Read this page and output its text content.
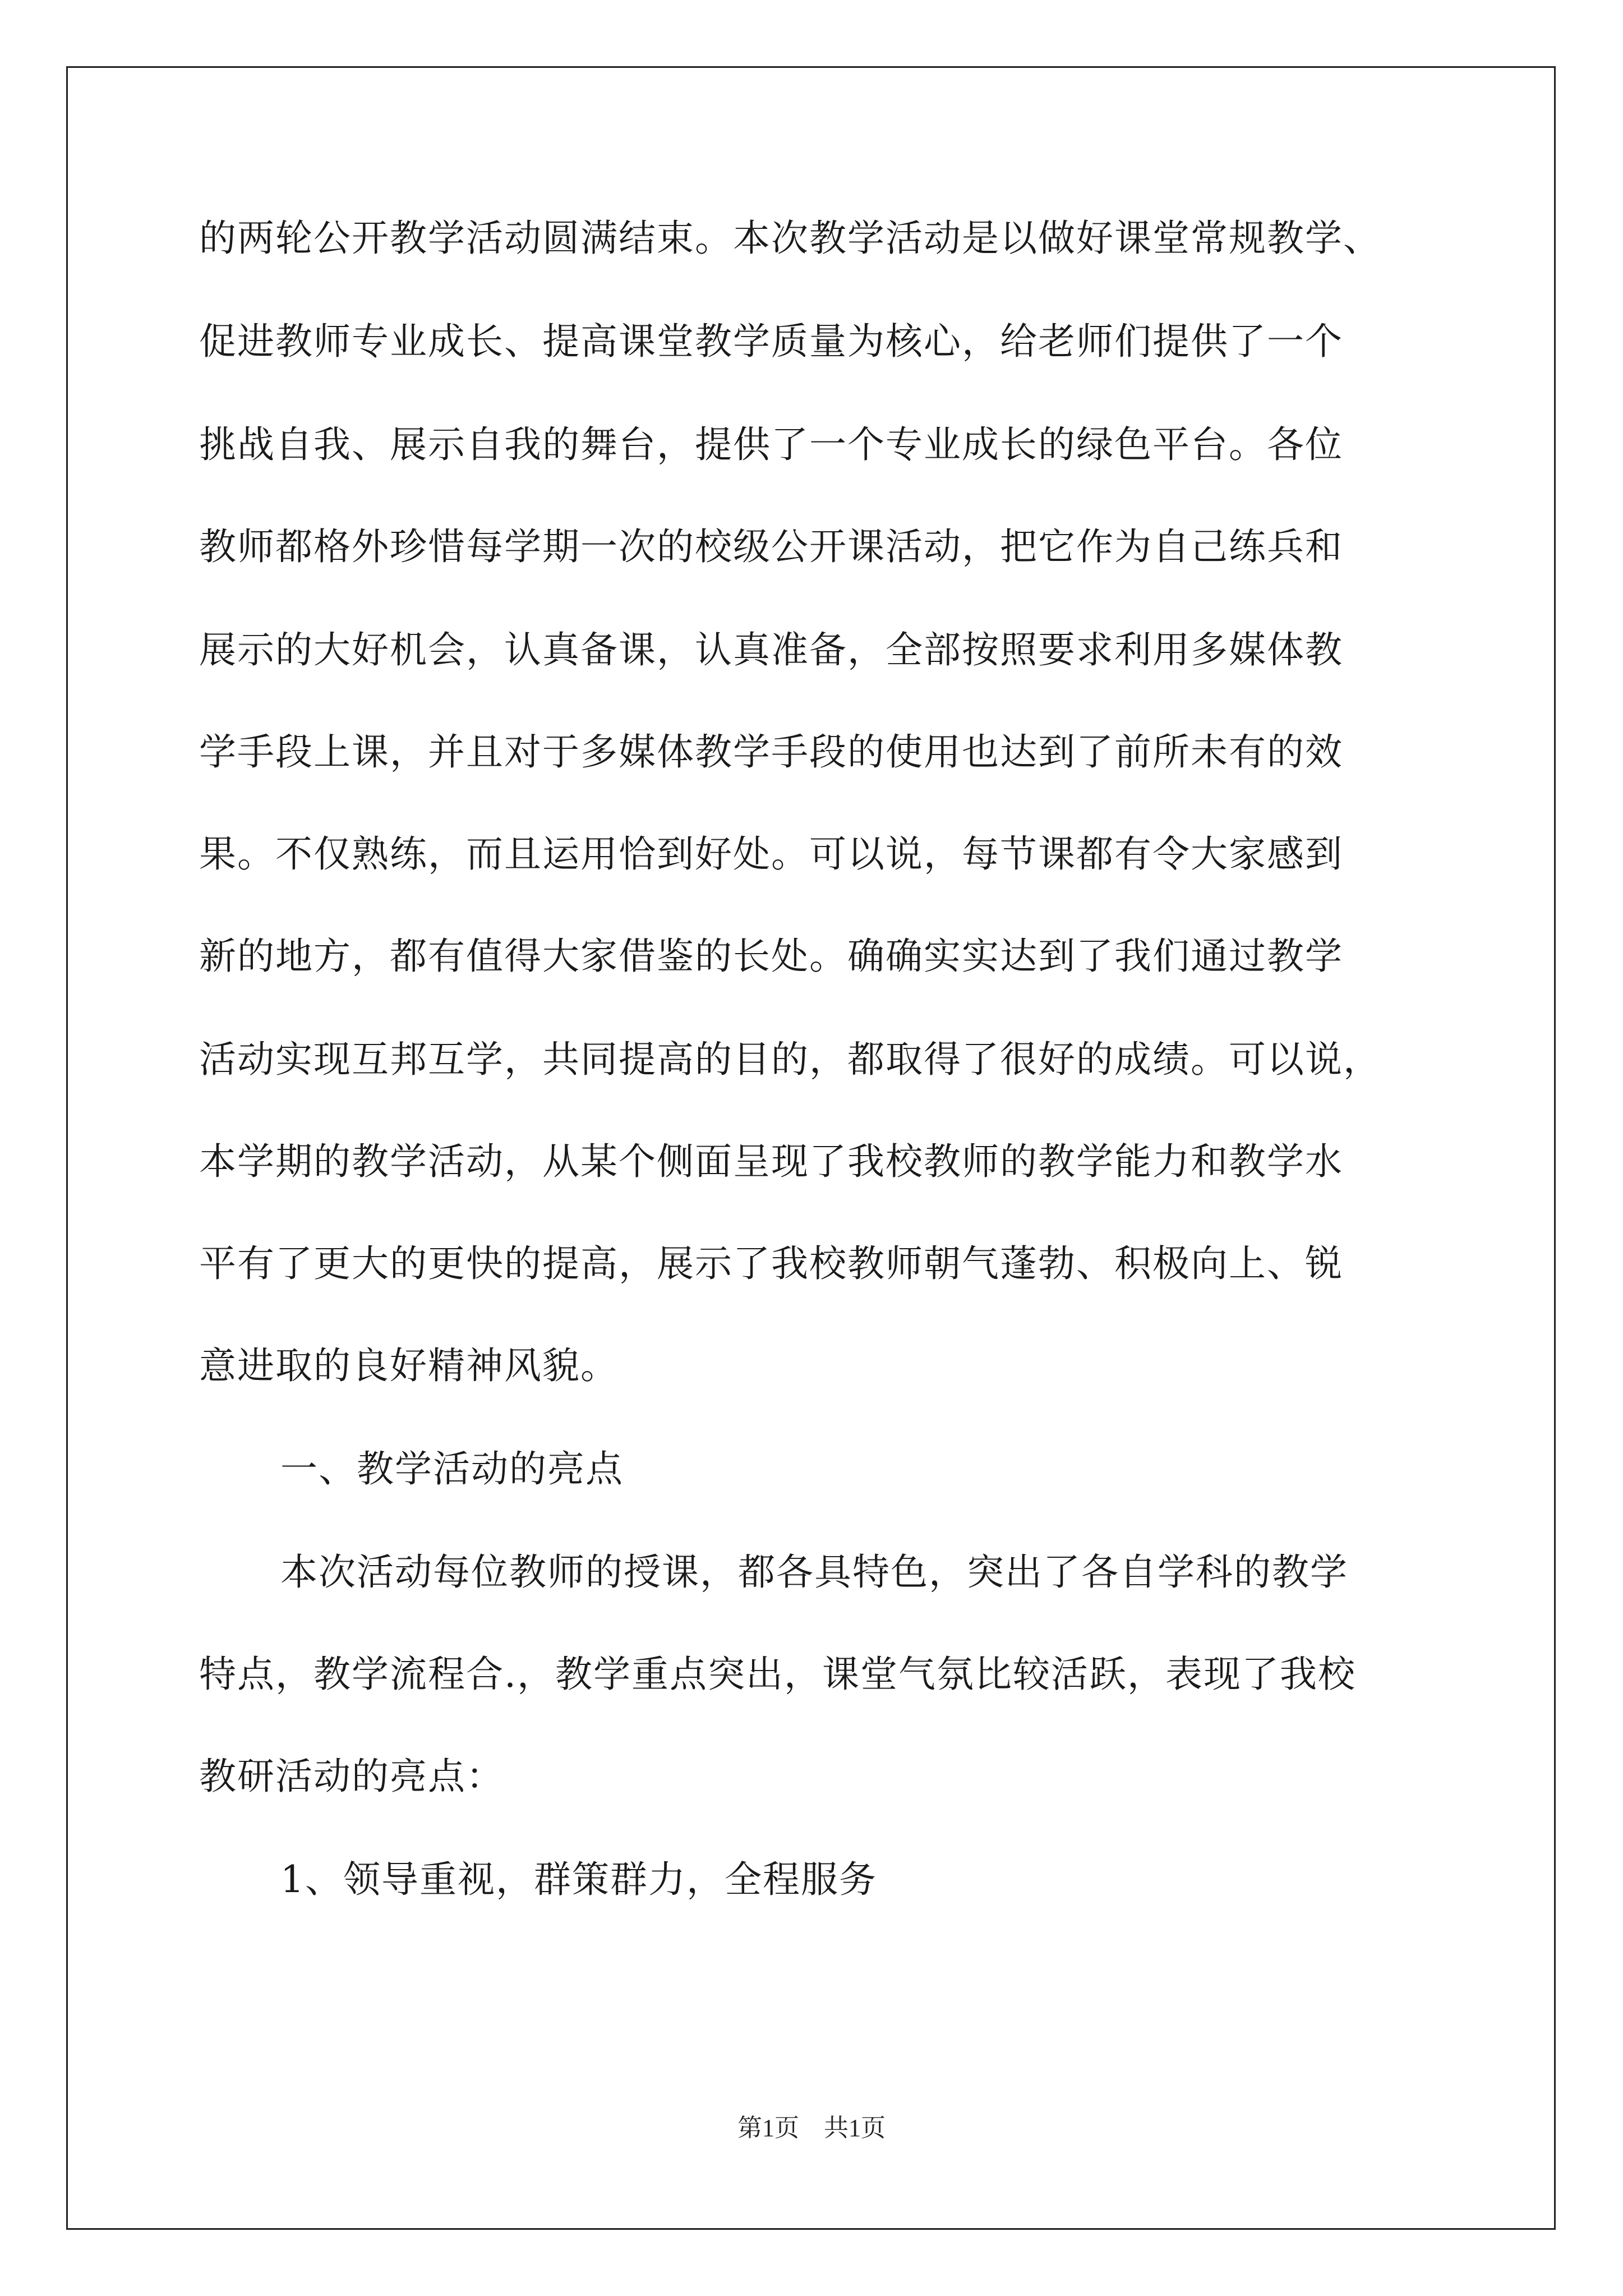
的两轮公开教学活动圆满结束。本次教学活动是以做好课堂常规教学、
促进教师专业成长、提高课堂教学质量为核心，给老师们提供了一个
挑战自我、展示自我的舞台，提供了一个专业成长的绿色平台。各位
教师都格外珍惜每学期一次的校级公开课活动，把它作为自己练兵和
展示的大好机会，认真备课，认真准备，全部按照要求利用多媒体教
学手段上课，并且对于多媒体教学手段的使用也达到了前所未有的效
果。不仅熟练，而且运用恰到好处。可以说，每节课都有令大家感到
新的地方，都有值得大家借鉴的长处。确确实实达到了我们通过教学
活动实现互邦互学，共同提高的目的，都取得了很好的成绩。可以说，
本学期的教学活动，从某个侧面呈现了我校教师的教学能力和教学水
平有了更大的更快的提高，展示了我校教师朝气蓬勃、积极向上、锐
意进取的良好精神风貌。
一、教学活动的亮点
本次活动每位教师的授课，都各具特色，突出了各自学科的教学
特点，教学流程合.，教学重点突出，课堂气氛比较活跃，表现了我校
教研活动的亮点：
1、领导重视，群策群力，全程服务
第1页　共1页
